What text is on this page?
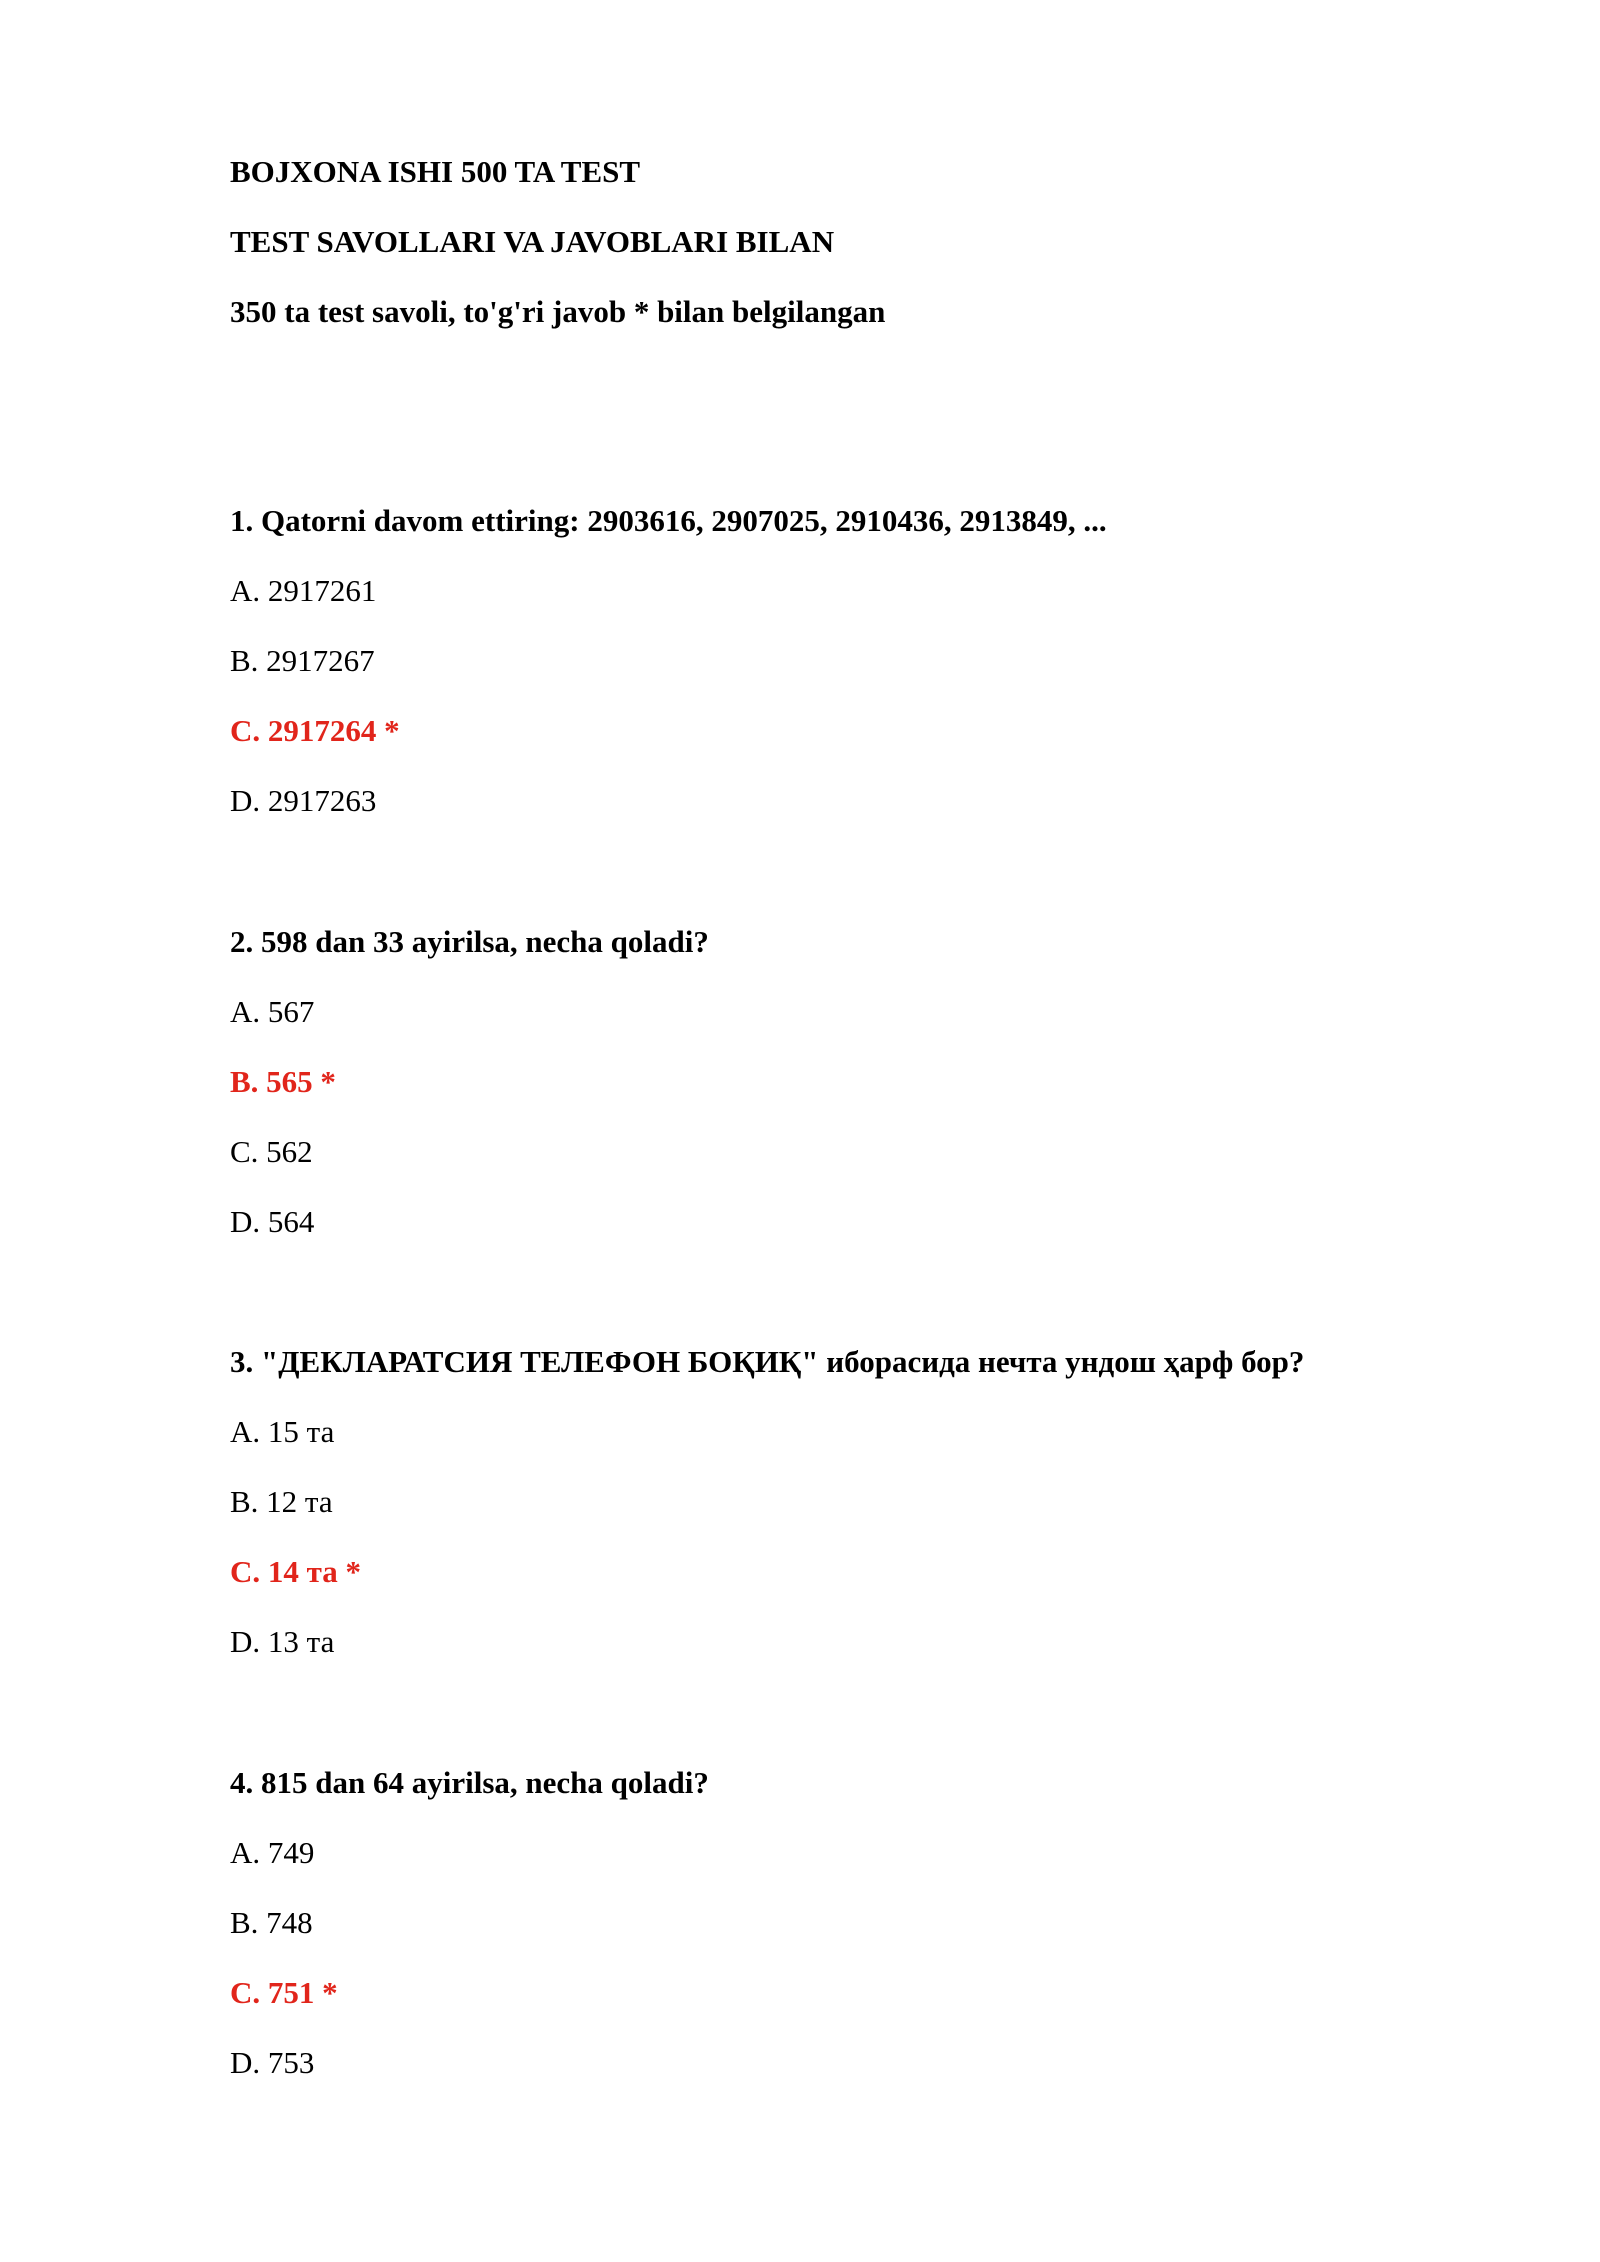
BOJXONA ISHI 500 TA TEST
TEST SAVOLLARI VA JAVOBLARI BILAN
350 ta test savoli, to'g'ri javob * bilan belgilangan
1. Qatorni davom ettiring: 2903616, 2907025, 2910436, 2913849, ...
A. 2917261
B. 2917267
C. 2917264 *
D. 2917263
2. 598 dan 33 ayirilsa, necha qoladi?
A. 567
B. 565 *
C. 562
D. 564
3. "ДЕКЛАРАТСИЯ ТЕЛЕФОН БОҚИҚ" иборасида нечта ундош ҳарф бор?
A. 15 та
B. 12 та
C. 14 та *
D. 13 та
4. 815 dan 64 ayirilsa, necha qoladi?
A. 749
B. 748
C. 751 *
D. 753
